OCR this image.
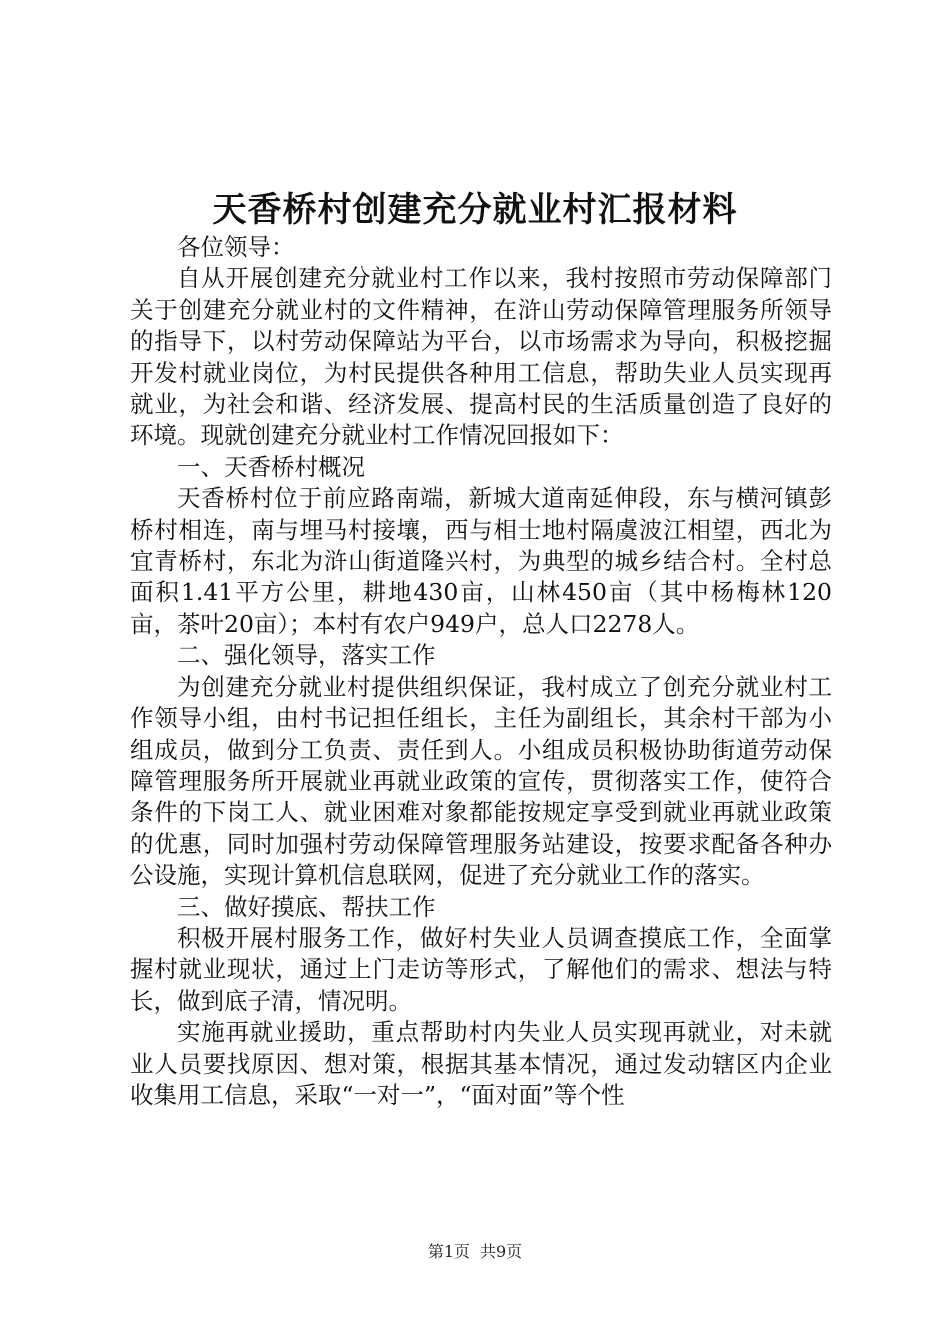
天香桥村创建充分就业村汇报材料

各位领导：

自从开展创建充分就业村工作以来，我村按照市劳动保障部门关于创建充分就业村的文件精神，在浒山劳动保障管理服务所领导的指导下，以村劳动保障站为平台，以市场需求为导向，积极挖掘开发村就业岗位，为村民提供各种用工信息，帮助失业人员实现再就业，为社会和谐、经济发展、提高村民的生活质量创造了良好的环境。现就创建充分就业村工作情况回报如下：

一、天香桥村概况

天香桥村位于前应路南端，新城大道南延伸段，东与横河镇彭桥村相连，南与埋马村接壤，西与相士地村隔虞波江相望，西北为宜青桥村，东北为浒山街道隆兴村，为典型的城乡结合村。全村总面积1.41平方公里，耕地430亩，山林450亩（其中杨梅林120亩，茶叶20亩）；本村有农户949户，总人口2278人。

二、强化领导，落实工作

为创建充分就业村提供组织保证，我村成立了创充分就业村工作领导小组，由村书记担任组长，主任为副组长，其余村干部为小组成员，做到分工负责、责任到人。小组成员积极协助街道劳动保障管理服务所开展就业再就业政策的宣传，贯彻落实工作，使符合条件的下岗工人、就业困难对象都能按规定享受到就业再就业政策的优惠，同时加强村劳动保障管理服务站建设，按要求配备各种办公设施，实现计算机信息联网，促进了充分就业工作的落实。

三、做好摸底、帮扶工作

积极开展村服务工作，做好村失业人员调查摸底工作，全面掌握村就业现状，通过上门走访等形式，了解他们的需求、想法与特长，做到底子清，情况明。

实施再就业援助，重点帮助村内失业人员实现再就业，对未就业人员要找原因、想对策，根据其基本情况，通过发动辖区内企业收集用工信息，采取“一对一”，“面对面”等个性

第1页 共9页
